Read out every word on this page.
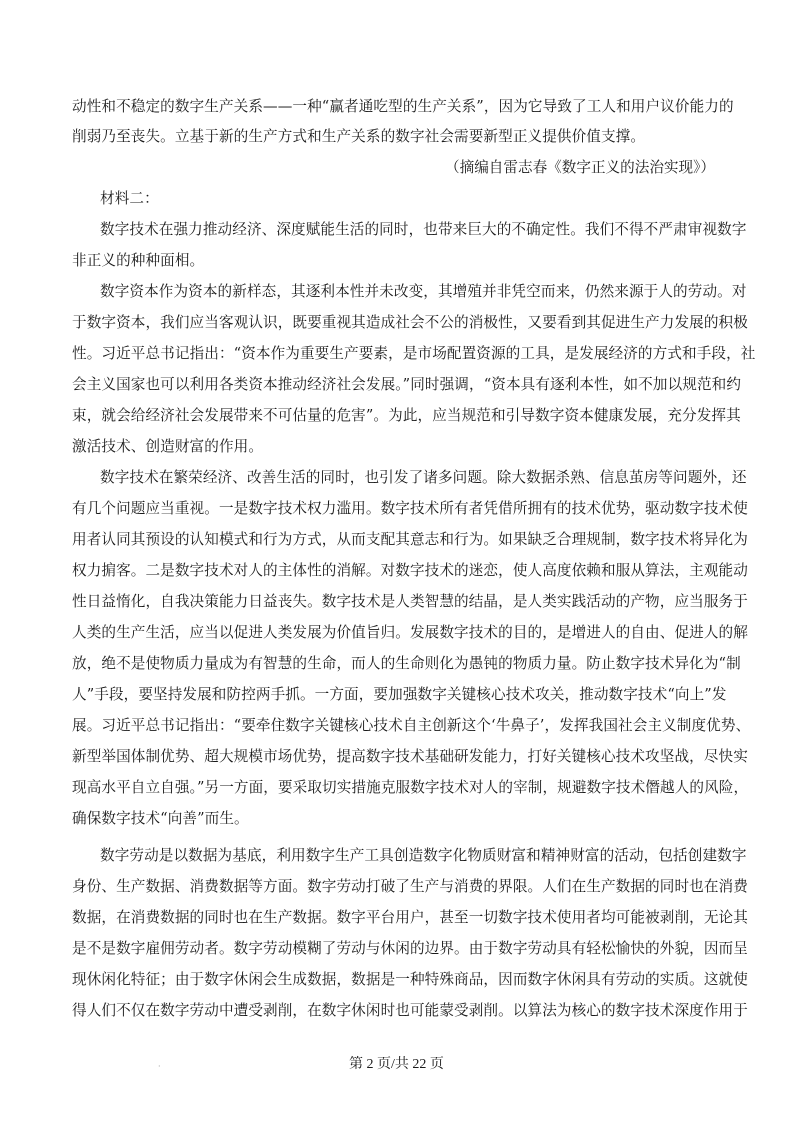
动性和不稳定的数字生产关系——一种“赢者通吃型的生产关系”，因为它导致了工人和用户议价能力的
削弱乃至丧失。立基于新的生产方式和生产关系的数字社会需要新型正义提供价值支撑。
（摘编自雷志春《数字正义的法治实现》）
材料二：
数字技术在强力推动经济、深度赋能生活的同时，也带来巨大的不确定性。我们不得不严肃审视数字
非正义的种种面相。
数字资本作为资本的新样态，其逐利本性并未改变，其增殖并非凭空而来，仍然来源于人的劳动。对
于数字资本，我们应当客观认识，既要重视其造成社会不公的消极性，又要看到其促进生产力发展的积极
性。习近平总书记指出：“资本作为重要生产要素，是市场配置资源的工具，是发展经济的方式和手段，社
会主义国家也可以利用各类资本推动经济社会发展。”同时强调，“资本具有逐利本性，如不加以规范和约
束，就会给经济社会发展带来不可估量的危害”。为此，应当规范和引导数字资本健康发展，充分发挥其
激活技术、创造财富的作用。
数字技术在繁荣经济、改善生活的同时，也引发了诸多问题。除大数据杀熟、信息茧房等问题外，还
有几个问题应当重视。一是数字技术权力滥用。数字技术所有者凭借所拥有的技术优势，驱动数字技术使
用者认同其预设的认知模式和行为方式，从而支配其意志和行为。如果缺乏合理规制，数字技术将异化为
权力掮客。二是数字技术对人的主体性的消解。对数字技术的迷恋，使人高度依赖和服从算法，主观能动
性日益惰化，自我决策能力日益丧失。数字技术是人类智慧的结晶，是人类实践活动的产物，应当服务于
人类的生产生活，应当以促进人类发展为价值旨归。发展数字技术的目的，是增进人的自由、促进人的解
放，绝不是使物质力量成为有智慧的生命，而人的生命则化为愚钝的物质力量。防止数字技术异化为“制
人”手段，要坚持发展和防控两手抓。一方面，要加强数字关键核心技术攻关，推动数字技术“向上”发
展。习近平总书记指出：“要牵住数字关键核心技术自主创新这个‘牛鼻子’，发挥我国社会主义制度优势、
新型举国体制优势、超大规模市场优势，提高数字技术基础研发能力，打好关键核心技术攻坚战，尽快实
现高水平自立自强。”另一方面，要采取切实措施克服数字技术对人的宰制，规避数字技术僭越人的风险，
确保数字技术“向善”而生。
数字劳动是以数据为基底，利用数字生产工具创造数字化物质财富和精神财富的活动，包括创建数字
身份、生产数据、消费数据等方面。数字劳动打破了生产与消费的界限。人们在生产数据的同时也在消费
数据，在消费数据的同时也在生产数据。数字平台用户，甚至一切数字技术使用者均可能被剥削，无论其
是不是数字雇佣劳动者。数字劳动模糊了劳动与休闲的边界。由于数字劳动具有轻松愉快的外貌，因而呈
现休闲化特征；由于数字休闲会生成数据，数据是一种特殊商品，因而数字休闲具有劳动的实质。这就使
得人们不仅在数字劳动中遭受剥削，在数字休闲时也可能蒙受剥削。以算法为核心的数字技术深度作用于
·	第 2 页/共 22 页
